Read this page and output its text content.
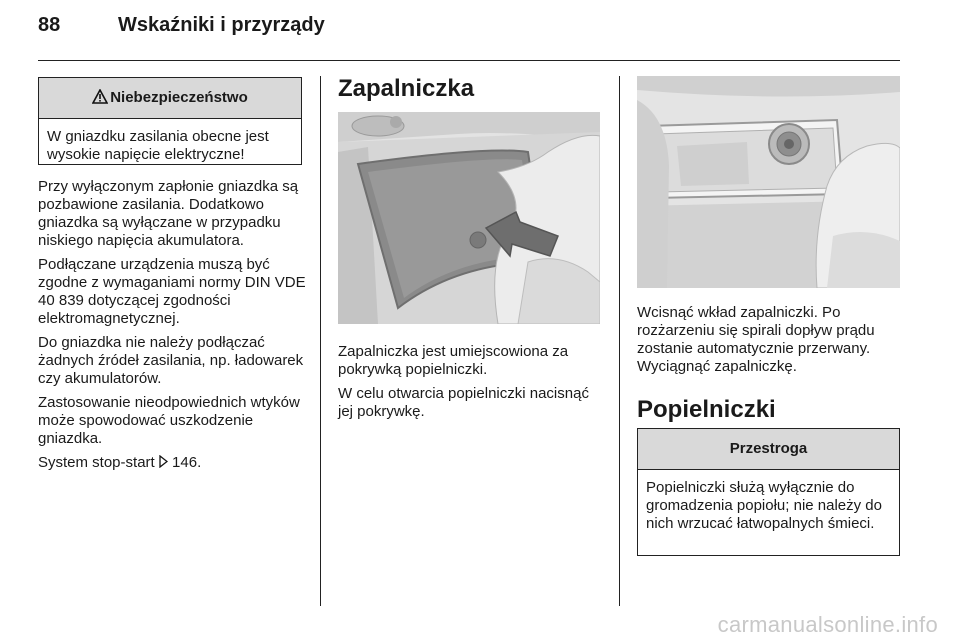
88	Wskaźniki i przyrządy
Niebezpieczeństwo
W gniazdku zasilania obecne jest wysokie napięcie elektryczne!

Przy wyłączonym zapłonie gniazdka są pozbawione zasilania. Dodatkowo gniazdka są wyłączane w przypadku niskiego napięcia akumulatora.

Podłączane urządzenia muszą być zgodne z wymaganiami normy DIN VDE 40 839 dotyczącej zgodności elektromagnetycznej.

Do gniazdka nie należy podłączać żadnych źródeł zasilania, np. ładowarek czy akumulatorów.

Zastosowanie nieodpowiednich wtyków może spowodować uszkodzenie gniazdka.

System stop-start 146.

Zapalniczka

Zapalniczka jest umiejscowiona za pokrywką popielniczki.

W celu otwarcia popielniczki nacisnąć jej pokrywkę.

Wcisnąć wkład zapalniczki. Po rozżarzeniu się spirali dopływ prądu zostanie automatycznie przerwany. Wyciągnąć zapalniczkę.

Popielniczki
Przestroga
Popielniczki służą wyłącznie do gromadzenia popiołu; nie należy do nich wrzucać łatwopalnych śmieci.
carmanualsonline.info
